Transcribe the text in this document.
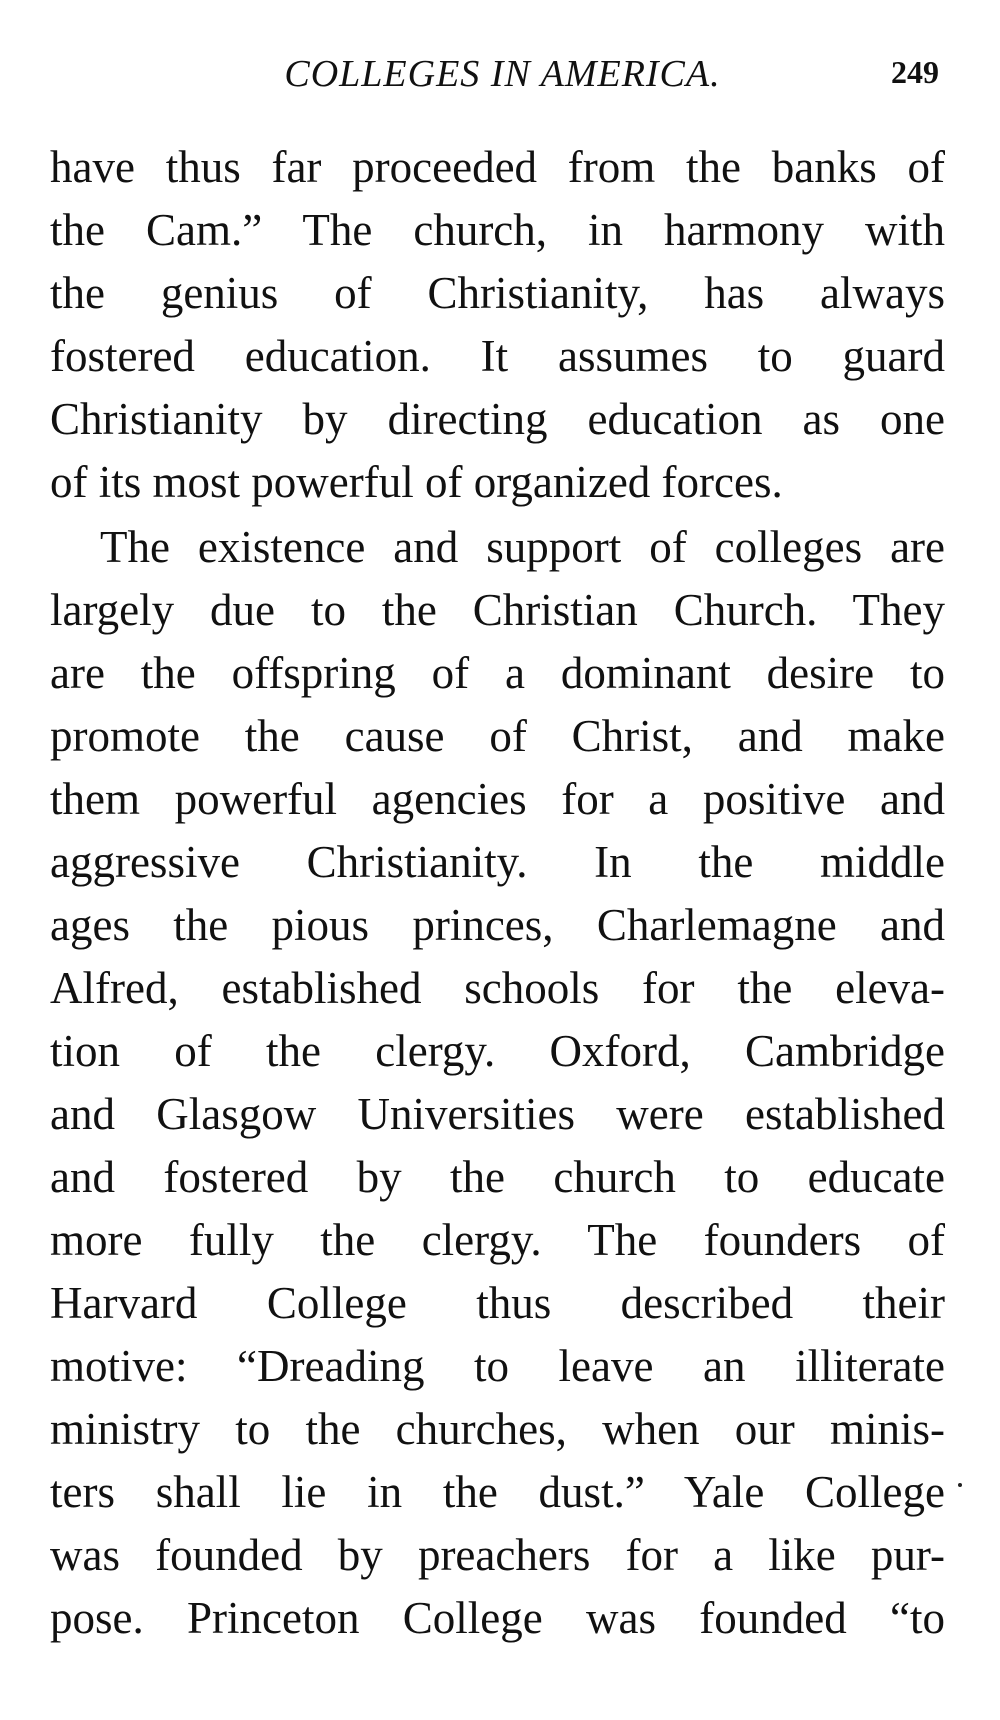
COLLEGES IN AMERICA.	249
have thus far proceeded from the banks of
the Cam.” The church, in harmony with
the genius of Christianity, has always
fostered education. It assumes to guard
Christianity by directing education as one
of its most powerful of organized forces.
The existence and support of colleges are
largely due to the Christian Church. They
are the offspring of a dominant desire to
promote the cause of Christ, and make
them powerful agencies for a positive and
aggressive Christianity. In the middle
ages the pious princes, Charlemagne and
Alfred, established schools for the eleva-
tion of the clergy. Oxford, Cambridge
and Glasgow Universities were established
and fostered by the church to educate
more fully the clergy. The founders of
Harvard College thus described their
motive: “Dreading to leave an illiterate
ministry to the churches, when our minis-
ters shall lie in the dust.” Yale College
was founded by preachers for a like pur-
pose. Princeton College was founded “to
